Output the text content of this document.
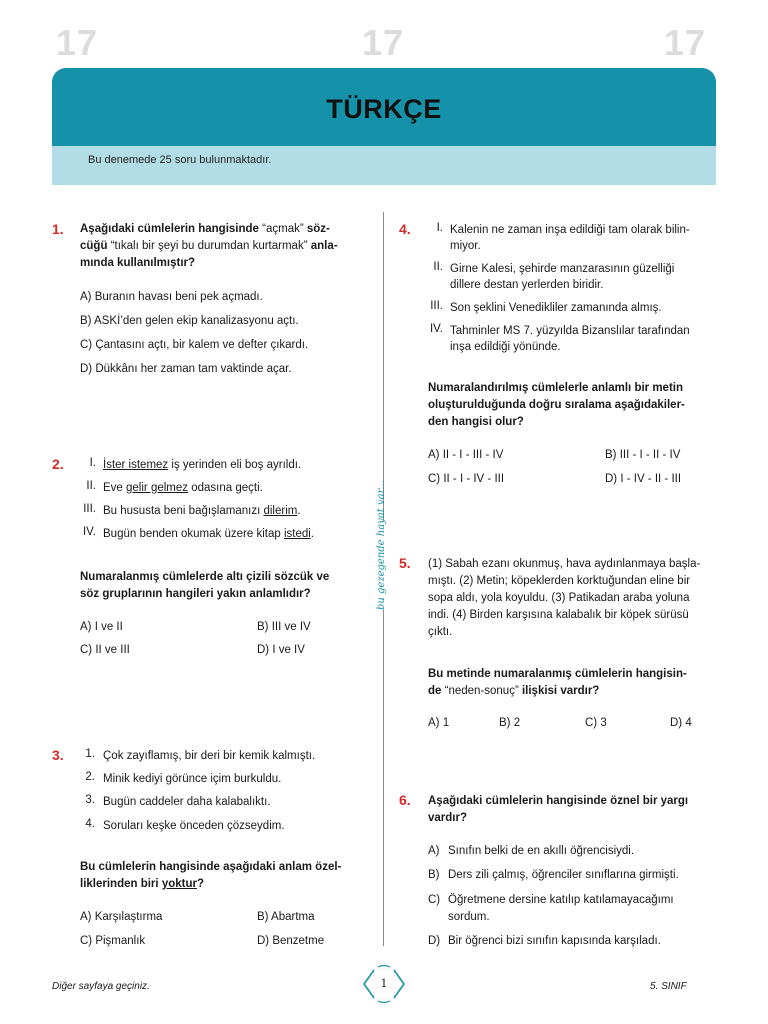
17	17	17
TÜRKÇE
Bu denemede 25 soru bulunmaktadır.
bu gezegende hayat var...
1. Aşağıdaki cümlelerin hangisinde “açmak” söz-
cüğü “tıkalı bir şeyi bu durumdan kurtarmak” anla-
mında kullanılmıştır?
A) Buranın havası beni pek açmadı.
B) ASKİ’den gelen ekip kanalizasyonu açtı.
C) Çantasını açtı, bir kalem ve defter çıkardı.
D) Dükkânı her zaman tam vaktinde açar.
2.	I. İster istemez iş yerinden eli boş ayrıldı.
II. Eve gelir gelmez odasına geçti.
III. Bu hususta beni bağışlamanızı dilerim.
IV. Bugün benden okumak üzere kitap istedi.
Numaralanmış cümlelerde altı çizili sözcük ve
söz gruplarının hangileri yakın anlamlıdır?
A) I ve II	B) III ve IV
C) II ve III	D) I ve IV
3.	1. Çok zayıflamış, bir deri bir kemik kalmıştı.
2. Minik kediyi görünce içim burkuldu.
3. Bugün caddeler daha kalabalıktı.
4. Soruları keşke önceden çözseydim.
Bu cümlelerin hangisinde aşağıdaki anlam özel-
liklerinden biri yoktur?
A) Karşılaştırma	B) Abartma
C) Pişmanlık	D) Benzetme
4.	I. Kalenin ne zaman inşa edildiği tam olarak bilin-
miyor.
II. Girne Kalesi, şehirde manzarasının güzelliği
dillere destan yerlerden biridir.
III. Son şeklini Venedikliler zamanında almış.
IV. Tahminler MS 7. yüzyılda Bizanslılar tarafından
inşa edildiği yönünde.
Numaralandırılmış cümlelerle anlamlı bir metin
oluşturulduğunda doğru sıralama aşağıdakiler-
den hangisi olur?
A) II - I - III - IV	B) III - I - II - IV
C) II - I - IV - III	D) I - IV - II - III
5. (1) Sabah ezanı okunmuş, hava aydınlanmaya başla-
mıştı. (2) Metin; köpeklerden korktuğundan eline bir
sopa aldı, yola koyuldu. (3) Patikadan araba yoluna
indi. (4) Birden karşısına kalabalık bir köpek sürüsü
çıktı.
Bu metinde numaralanmış cümlelerin hangisin-
de “neden-sonuç” ilişkisi vardır?
A) 1	B) 2	C) 3	D) 4
6. Aşağıdaki cümlelerin hangisinde öznel bir yargı
vardır?
A) Sınıfın belki de en akıllı öğrencisiydi.
B) Ders zili çalmış, öğrenciler sınıflarına girmişti.
C) Öğretmene dersine katılıp katılamayacağımı
sordum.
D) Bir öğrenci bizi sınıfın kapısında karşıladı.
Diğer sayfaya geçiniz.	1	5. SINIF
